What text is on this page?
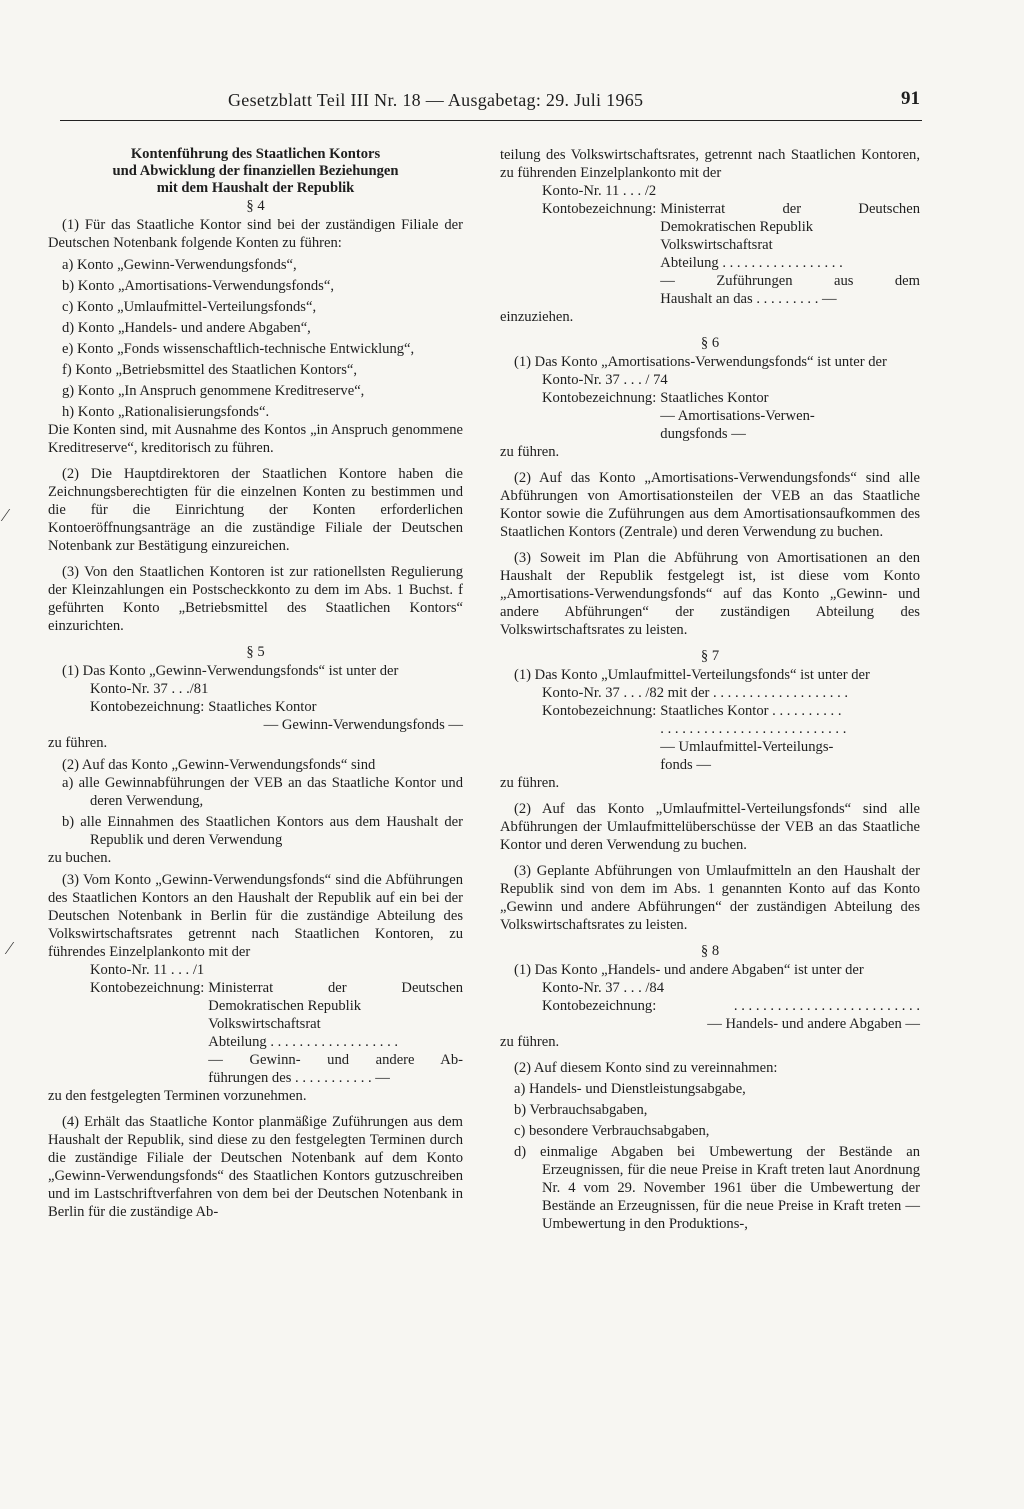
Gesetzblatt Teil III Nr. 18 — Ausgabetag: 29. Juli 1965	91
Kontenführung des Staatlichen Kontors
und Abwicklung der finanziellen Beziehungen
mit dem Haushalt der Republik
§ 4

(1) Für das Staatliche Kontor sind bei der zuständigen Filiale der Deutschen Notenbank folgende Konten zu führen:

a) Konto „Gewinn-Verwendungsfonds“,

b) Konto „Amortisations-Verwendungsfonds“,

c) Konto „Umlaufmittel-Verteilungsfonds“,

d) Konto „Handels- und andere Abgaben“,

e) Konto „Fonds wissenschaftlich-technische Entwicklung“,

f) Konto „Betriebsmittel des Staatlichen Kontors“,

g) Konto „In Anspruch genommene Kreditreserve“,

h) Konto „Rationalisierungsfonds“.

Die Konten sind, mit Ausnahme des Kontos „in Anspruch genommene Kreditreserve“, kreditorisch zu führen.

(2) Die Hauptdirektoren der Staatlichen Kontore haben die Zeichnungsberechtigten für die einzelnen Konten zu bestimmen und die für die Einrichtung der Konten erforderlichen Kontoeröffnungsanträge an die zuständige Filiale der Deutschen Notenbank zur Bestätigung einzureichen.

(3) Von den Staatlichen Kontoren ist zur rationellsten Regulierung der Kleinzahlungen ein Postscheckkonto zu dem im Abs. 1 Buchst. f geführten Konto „Betriebsmittel des Staatlichen Kontors“ einzurichten.

§ 5

(1) Das Konto „Gewinn-Verwendungsfonds“ ist unter der

Konto-Nr. 37 . . ./81
Kontobezeichnung: Staatliches Kontor
— Gewinn-Verwendungsfonds —

zu führen.

(2) Auf das Konto „Gewinn-Verwendungsfonds“ sind

a) alle Gewinnabführungen der VEB an das Staatliche Kontor und deren Verwendung,

b) alle Einnahmen des Staatlichen Kontors aus dem Haushalt der Republik und deren Verwendung

zu buchen.

(3) Vom Konto „Gewinn-Verwendungsfonds“ sind die Abführungen des Staatlichen Kontors an den Haushalt der Republik auf ein bei der Deutschen Notenbank in Berlin für die zuständige Abteilung des Volkswirtschaftsrates getrennt nach Staatlichen Kontoren, zu führendes Einzelplankonto mit der

Konto-Nr. 11 . . . /1
Kontobezeichnung: Ministerrat der Deutschen
Demokratischen Republik
Volkswirtschaftsrat
Abteilung . . . . . . . . . . . . . . . . . .
— Gewinn- und andere Ab-
führungen des . . . . . . . . . . . —

zu den festgelegten Terminen vorzunehmen.

(4) Erhält das Staatliche Kontor planmäßige Zuführungen aus dem Haushalt der Republik, sind diese zu den festgelegten Terminen durch die zuständige Filiale der Deutschen Notenbank auf dem Konto „Gewinn-Verwendungsfonds“ des Staatlichen Kontors gutzuschreiben und im Lastschriftverfahren von dem bei der Deutschen Notenbank in Berlin für die zuständige Ab-

teilung des Volkswirtschaftsrates, getrennt nach Staatlichen Kontoren, zu führenden Einzelplankonto mit der

Konto-Nr. 11 . . . /2
Kontobezeichnung: Ministerrat der Deutschen
Demokratischen Republik
Volkswirtschaftsrat
Abteilung . . . . . . . . . . . . . . . . .
— Zuführungen aus dem
Haushalt an das . . . . . . . . . —

einzuziehen.

§ 6

(1) Das Konto „Amortisations-Verwendungsfonds“ ist unter der

Konto-Nr. 37 . . . / 74
Kontobezeichnung: Staatliches Kontor
— Amortisations-Verwen-
dungsfonds —

zu führen.

(2) Auf das Konto „Amortisations-Verwendungsfonds“ sind alle Abführungen von Amortisationsteilen der VEB an das Staatliche Kontor sowie die Zuführungen aus dem Amortisationsaufkommen des Staatlichen Kontors (Zentrale) und deren Verwendung zu buchen.

(3) Soweit im Plan die Abführung von Amortisationen an den Haushalt der Republik festgelegt ist, ist diese vom Konto „Amortisations-Verwendungsfonds“ auf das Konto „Gewinn- und andere Abführungen“ der zuständigen Abteilung des Volkswirtschaftsrates zu leisten.

§ 7

(1) Das Konto „Umlaufmittel-Verteilungsfonds“ ist unter der

Konto-Nr. 37 . . . /82 mit der . . . . . . . . . . . . . . . . . . .
Kontobezeichnung: Staatliches Kontor . . . . . . . . . .
. . . . . . . . . . . . . . . . . . . . . . . . . .
— Umlaufmittel-Verteilungs-
fonds —

zu führen.

(2) Auf das Konto „Umlaufmittel-Verteilungsfonds“ sind alle Abführungen der Umlaufmittelüberschüsse der VEB an das Staatliche Kontor und deren Verwendung zu buchen.

(3) Geplante Abführungen von Umlaufmitteln an den Haushalt der Republik sind von dem im Abs. 1 genannten Konto auf das Konto „Gewinn und andere Abführungen“ der zuständigen Abteilung des Volkswirtschaftsrates zu leisten.

§ 8

(1) Das Konto „Handels- und andere Abgaben“ ist unter der

Konto-Nr. 37 . . . /84
Kontobezeichnung:	. . . . . . . . . . . . . . . . . . . . . . . . . .
— Handels- und andere Abgaben —

zu führen.

(2) Auf diesem Konto sind zu vereinnahmen:

a) Handels- und Dienstleistungsabgabe,

b) Verbrauchsabgaben,

c) besondere Verbrauchsabgaben,

d) einmalige Abgaben bei Umbewertung der Bestände an Erzeugnissen, für die neue Preise in Kraft treten laut Anordnung Nr. 4 vom 29. November 1961 über die Umbewertung der Bestände an Erzeugnissen, für die neue Preise in Kraft treten — Umbewertung in den Produktions-,

⁄
⁄
